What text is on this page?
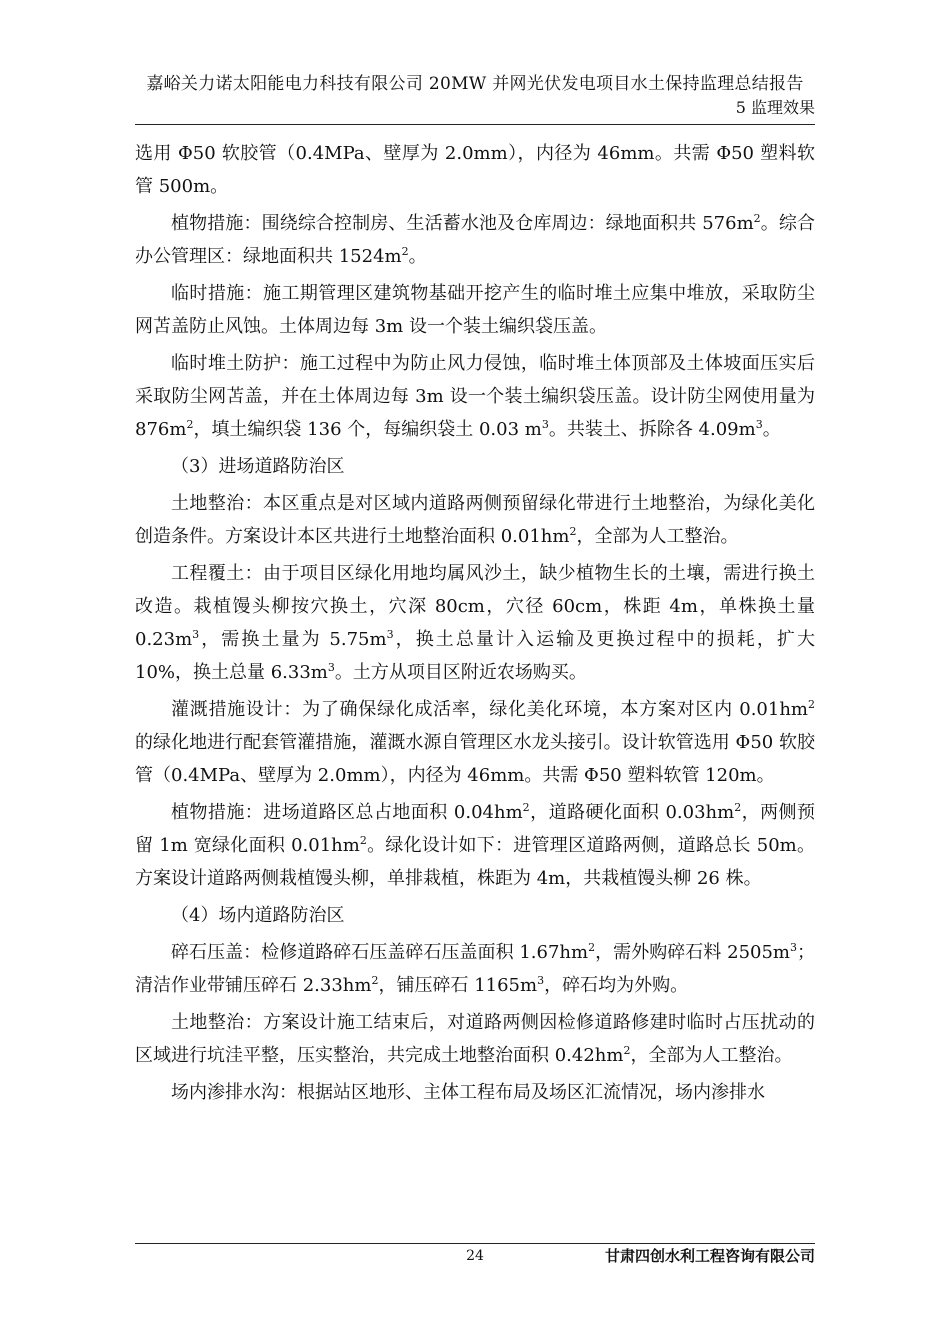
嘉峪关力诺太阳能电力科技有限公司 20MW 并网光伏发电项目水土保持监理总结报告
5 监理效果

选用 Φ50 软胶管（0.4MPa、壁厚为 2.0mm），内径为 46mm。共需 Φ50 塑料软管 500m。

植物措施：围绕综合控制房、生活蓄水池及仓库周边：绿地面积共 $576m^2$。综合办公管理区：绿地面积共 $1524m^2$。

临时措施：施工期管理区建筑物基础开挖产生的临时堆土应集中堆放，采取防尘网苫盖防止风蚀。土体周边每 3m 设一个装土编织袋压盖。

临时堆土防护：施工过程中为防止风力侵蚀，临时堆土体顶部及土体坡面压实后采取防尘网苫盖，并在土体周边每 3m 设一个装土编织袋压盖。设计防尘网使用量为 $876m^2$，填土编织袋 136 个，每编织袋土 0.03 $m^3$。共装土、拆除各 $4.09m^3$。

（3）进场道路防治区

土地整治：本区重点是对区域内道路两侧预留绿化带进行土地整治，为绿化美化创造条件。方案设计本区共进行土地整治面积 $0.01hm^2$，全部为人工整治。

工程覆土：由于项目区绿化用地均属风沙土，缺少植物生长的土壤，需进行换土改造。栽植馒头柳按穴换土，穴深 80cm，穴径 60cm，株距 4m，单株换土量 $0.23m^3$，需换土量为 $5.75m^3$，换土总量计入运输及更换过程中的损耗，扩大 10%，换土总量 $6.33m^3$。土方从项目区附近农场购买。

灌溉措施设计：为了确保绿化成活率，绿化美化环境，本方案对区内 $0.01hm^2$ 的绿化地进行配套管灌措施，灌溉水源自管理区水龙头接引。设计软管选用 Φ50 软胶管（0.4MPa、壁厚为 2.0mm），内径为 46mm。共需 Φ50 塑料软管 120m。

植物措施：进场道路区总占地面积 $0.04hm^2$，道路硬化面积 $0.03hm^2$，两侧预留 1m 宽绿化面积 $0.01hm^2$。绿化设计如下：进管理区道路两侧，道路总长 50m。方案设计道路两侧栽植馒头柳，单排栽植，株距为 4m，共栽植馒头柳 26 株。

（4）场内道路防治区

碎石压盖：检修道路碎石压盖碎石压盖面积 $1.67hm^2$，需外购碎石料 $2505m^3$；清洁作业带铺压碎石 $2.33hm^2$，铺压碎石 $1165m^3$，碎石均为外购。

土地整治：方案设计施工结束后，对道路两侧因检修道路修建时临时占压扰动的区域进行坑洼平整，压实整治，共完成土地整治面积 $0.42hm^2$，全部为人工整治。

场内渗排水沟：根据站区地形、主体工程布局及场区汇流情况，场内渗排水

24	甘肃四创水利工程咨询有限公司
